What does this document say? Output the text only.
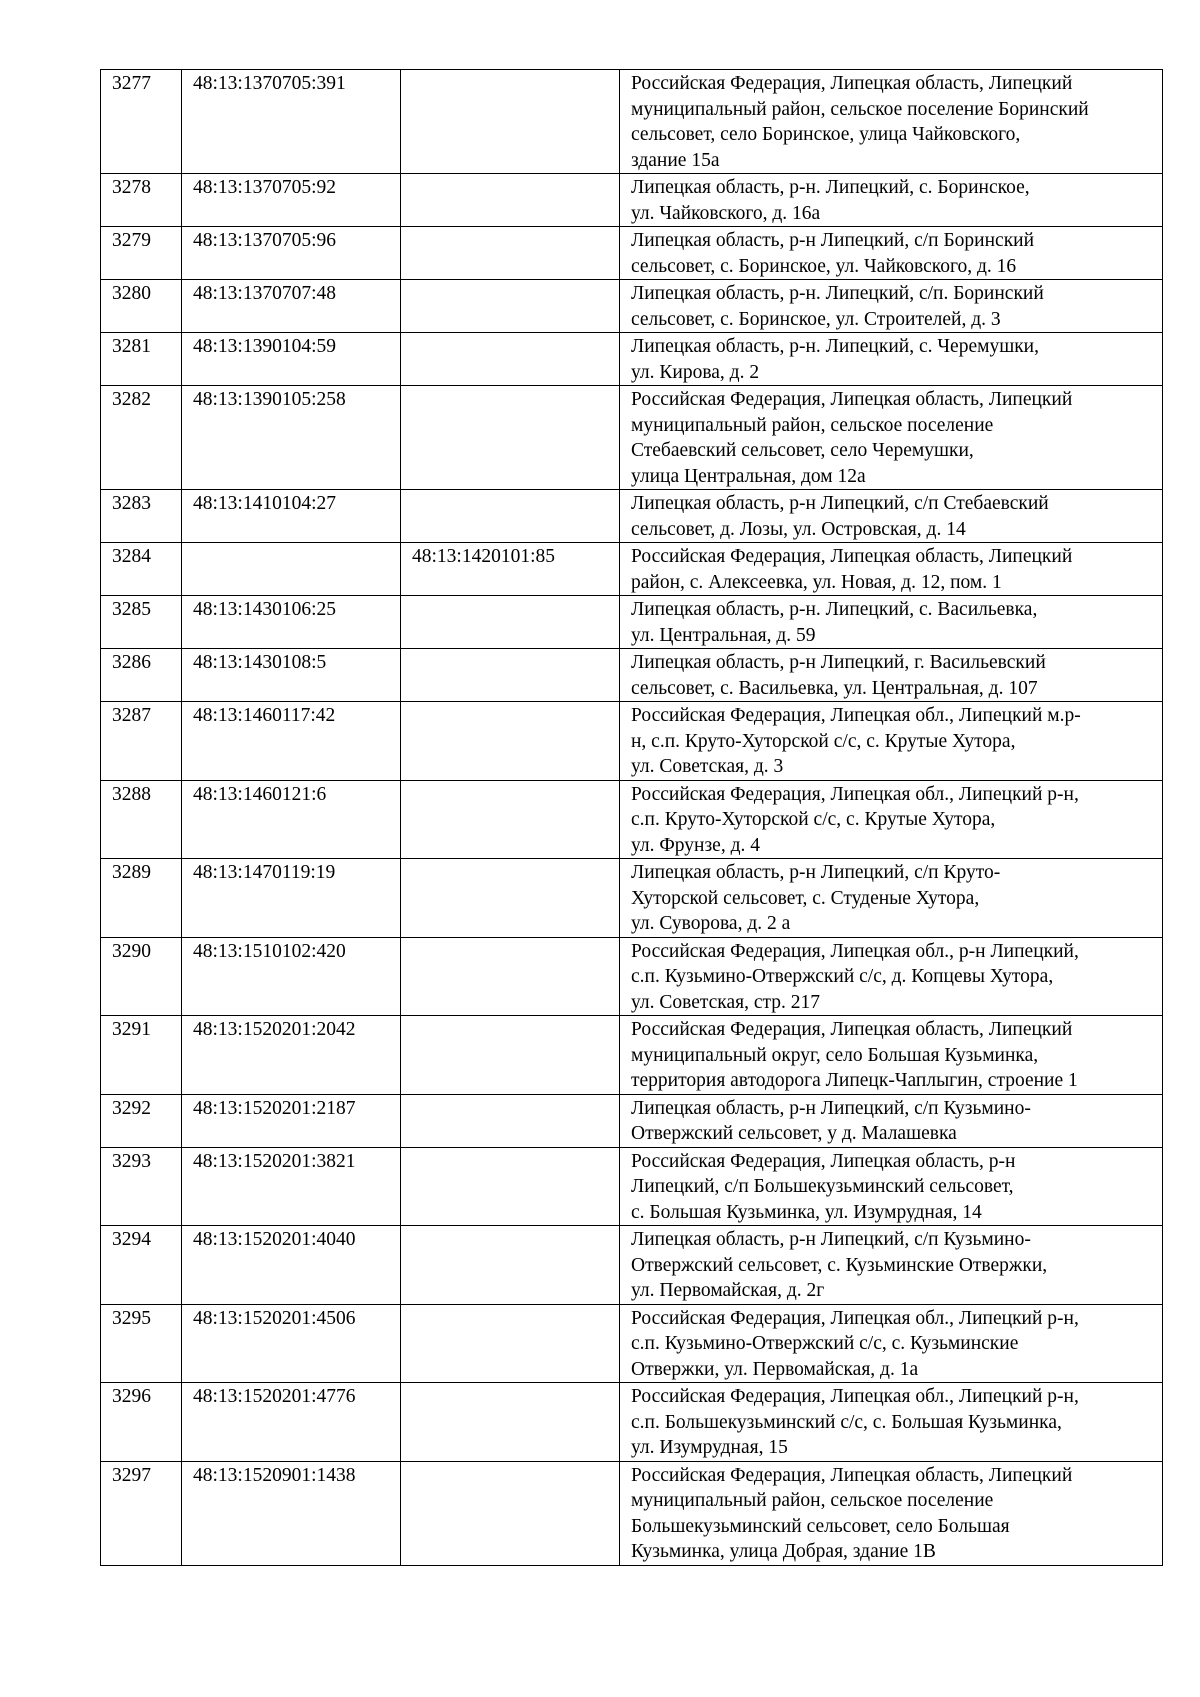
3277	48:13:1370705:391		Российская Федерация, Липецкая область, Липецкий
муниципальный район, сельское поселение Боринский
сельсовет, село Боринское, улица Чайковского,
здание 15а

3278	48:13:1370705:92		Липецкая область, р-н. Липецкий, с. Боринское,
ул. Чайковского, д. 16а

3279	48:13:1370705:96		Липецкая область, р-н Липецкий, с/п Боринский
сельсовет, с. Боринское, ул. Чайковского, д. 16

3280	48:13:1370707:48		Липецкая область, р-н. Липецкий, с/п. Боринский
сельсовет, с. Боринское, ул. Строителей, д. 3

3281	48:13:1390104:59		Липецкая область, р-н. Липецкий, с. Черемушки,
ул. Кирова, д. 2

3282	48:13:1390105:258		Российская Федерация, Липецкая область, Липецкий
муниципальный район, сельское поселение
Стебаевский сельсовет, село Черемушки,
улица Центральная, дом 12а

3283	48:13:1410104:27		Липецкая область, р-н Липецкий, с/п Стебаевский
сельсовет, д. Лозы, ул. Островская, д. 14

3284		48:13:1420101:85	Российская Федерация, Липецкая область, Липецкий
район, с. Алексеевка, ул. Новая, д. 12, пом. 1

3285	48:13:1430106:25		Липецкая область, р-н. Липецкий, с. Васильевка,
ул. Центральная, д. 59

3286	48:13:1430108:5		Липецкая область, р-н Липецкий, г. Васильевский
сельсовет, с. Васильевка, ул. Центральная, д. 107

3287	48:13:1460117:42		Российская Федерация, Липецкая обл., Липецкий м.р-
н, с.п. Круто-Хуторской с/с, с. Крутые Хутора,
ул. Советская, д. 3

3288	48:13:1460121:6		Российская Федерация, Липецкая обл., Липецкий р-н,
с.п. Круто-Хуторской с/с, с. Крутые Хутора,
ул. Фрунзе, д. 4

3289	48:13:1470119:19		Липецкая область, р-н Липецкий, с/п Круто-
Хуторской сельсовет, с. Студеные Хутора,
ул. Суворова, д. 2 а

3290	48:13:1510102:420		Российская Федерация, Липецкая обл., р-н Липецкий,
с.п. Кузьмино-Отвержский с/с, д. Копцевы Хутора,
ул. Советская, стр. 217

3291	48:13:1520201:2042		Российская Федерация, Липецкая область, Липецкий
муниципальный округ, село Большая Кузьминка,
территория автодорога Липецк-Чаплыгин, строение 1

3292	48:13:1520201:2187		Липецкая область, р-н Липецкий, с/п Кузьмино-
Отвержский сельсовет, у д. Малашевка

3293	48:13:1520201:3821		Российская Федерация, Липецкая область, р-н
Липецкий, с/п Большекузьминский сельсовет,
с. Большая Кузьминка, ул. Изумрудная, 14

3294	48:13:1520201:4040		Липецкая область, р-н Липецкий, с/п Кузьмино-
Отвержский сельсовет, с. Кузьминские Отвержки,
ул. Первомайская, д. 2г

3295	48:13:1520201:4506		Российская Федерация, Липецкая обл., Липецкий р-н,
с.п. Кузьмино-Отвержский с/с, с. Кузьминские
Отвержки, ул. Первомайская, д. 1а

3296	48:13:1520201:4776		Российская Федерация, Липецкая обл., Липецкий р-н,
с.п. Большекузьминский с/с, с. Большая Кузьминка,
ул. Изумрудная, 15

3297	48:13:1520901:1438		Российская Федерация, Липецкая область, Липецкий
муниципальный район, сельское поселение
Большекузьминский сельсовет, село Большая
Кузьминка, улица Добрая, здание 1В
